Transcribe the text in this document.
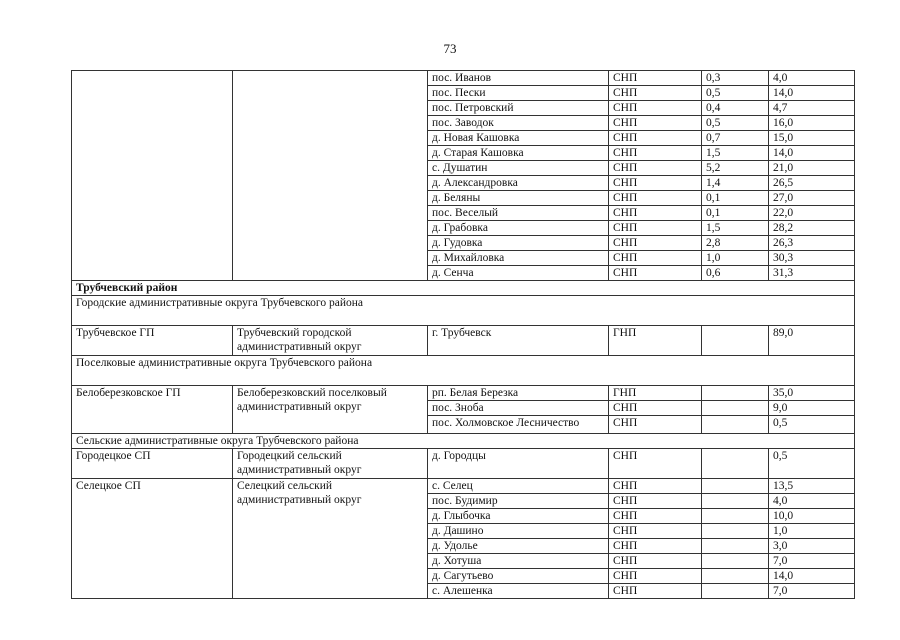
73
		пос. Иванов	СНП	0,3	4,0
		пос. Пески	СНП	0,5	14,0
		пос. Петровский	СНП	0,4	4,7
		пос. Заводок	СНП	0,5	16,0
		д. Новая Кашовка	СНП	0,7	15,0
		д. Старая Кашовка	СНП	1,5	14,0
		с. Душатин	СНП	5,2	21,0
		д. Александровка	СНП	1,4	26,5
		д. Беляны	СНП	0,1	27,0
		пос. Веселый	СНП	0,1	22,0
		д. Грабовка	СНП	1,5	28,2
		д. Гудовка	СНП	2,8	26,3
		д. Михайловка	СНП	1,0	30,3
		д. Сенча	СНП	0,6	31,3
Трубчевский район					
Городские административные округа Трубчевского района					
Трубчевское ГП	Трубчевский городской административный округ	г. Трубчевск	ГНП		89,0
Поселковые административные округа Трубчевского района					
Белоберезковское ГП	Белоберезковский поселковый административный округ	рп. Белая Березка	ГНП		35,0
		пос. Зноба	СНП		9,0
		пос. Холмовское Лесничество	СНП		0,5
Сельские административные округа Трубчевского района					
Городецкое СП	Городецкий сельский административный округ	д. Городцы	СНП		0,5
Селецкое СП	Селецкий сельский административный округ	с. Селец	СНП		13,5
		пос. Будимир	СНП		4,0
		д. Глыбочка	СНП		10,0
		д. Дашино	СНП		1,0
		д. Удолье	СНП		3,0
		д. Хотуша	СНП		7,0
		д. Сагутьево	СНП		14,0
		с. Алешенка	СНП		7,0
